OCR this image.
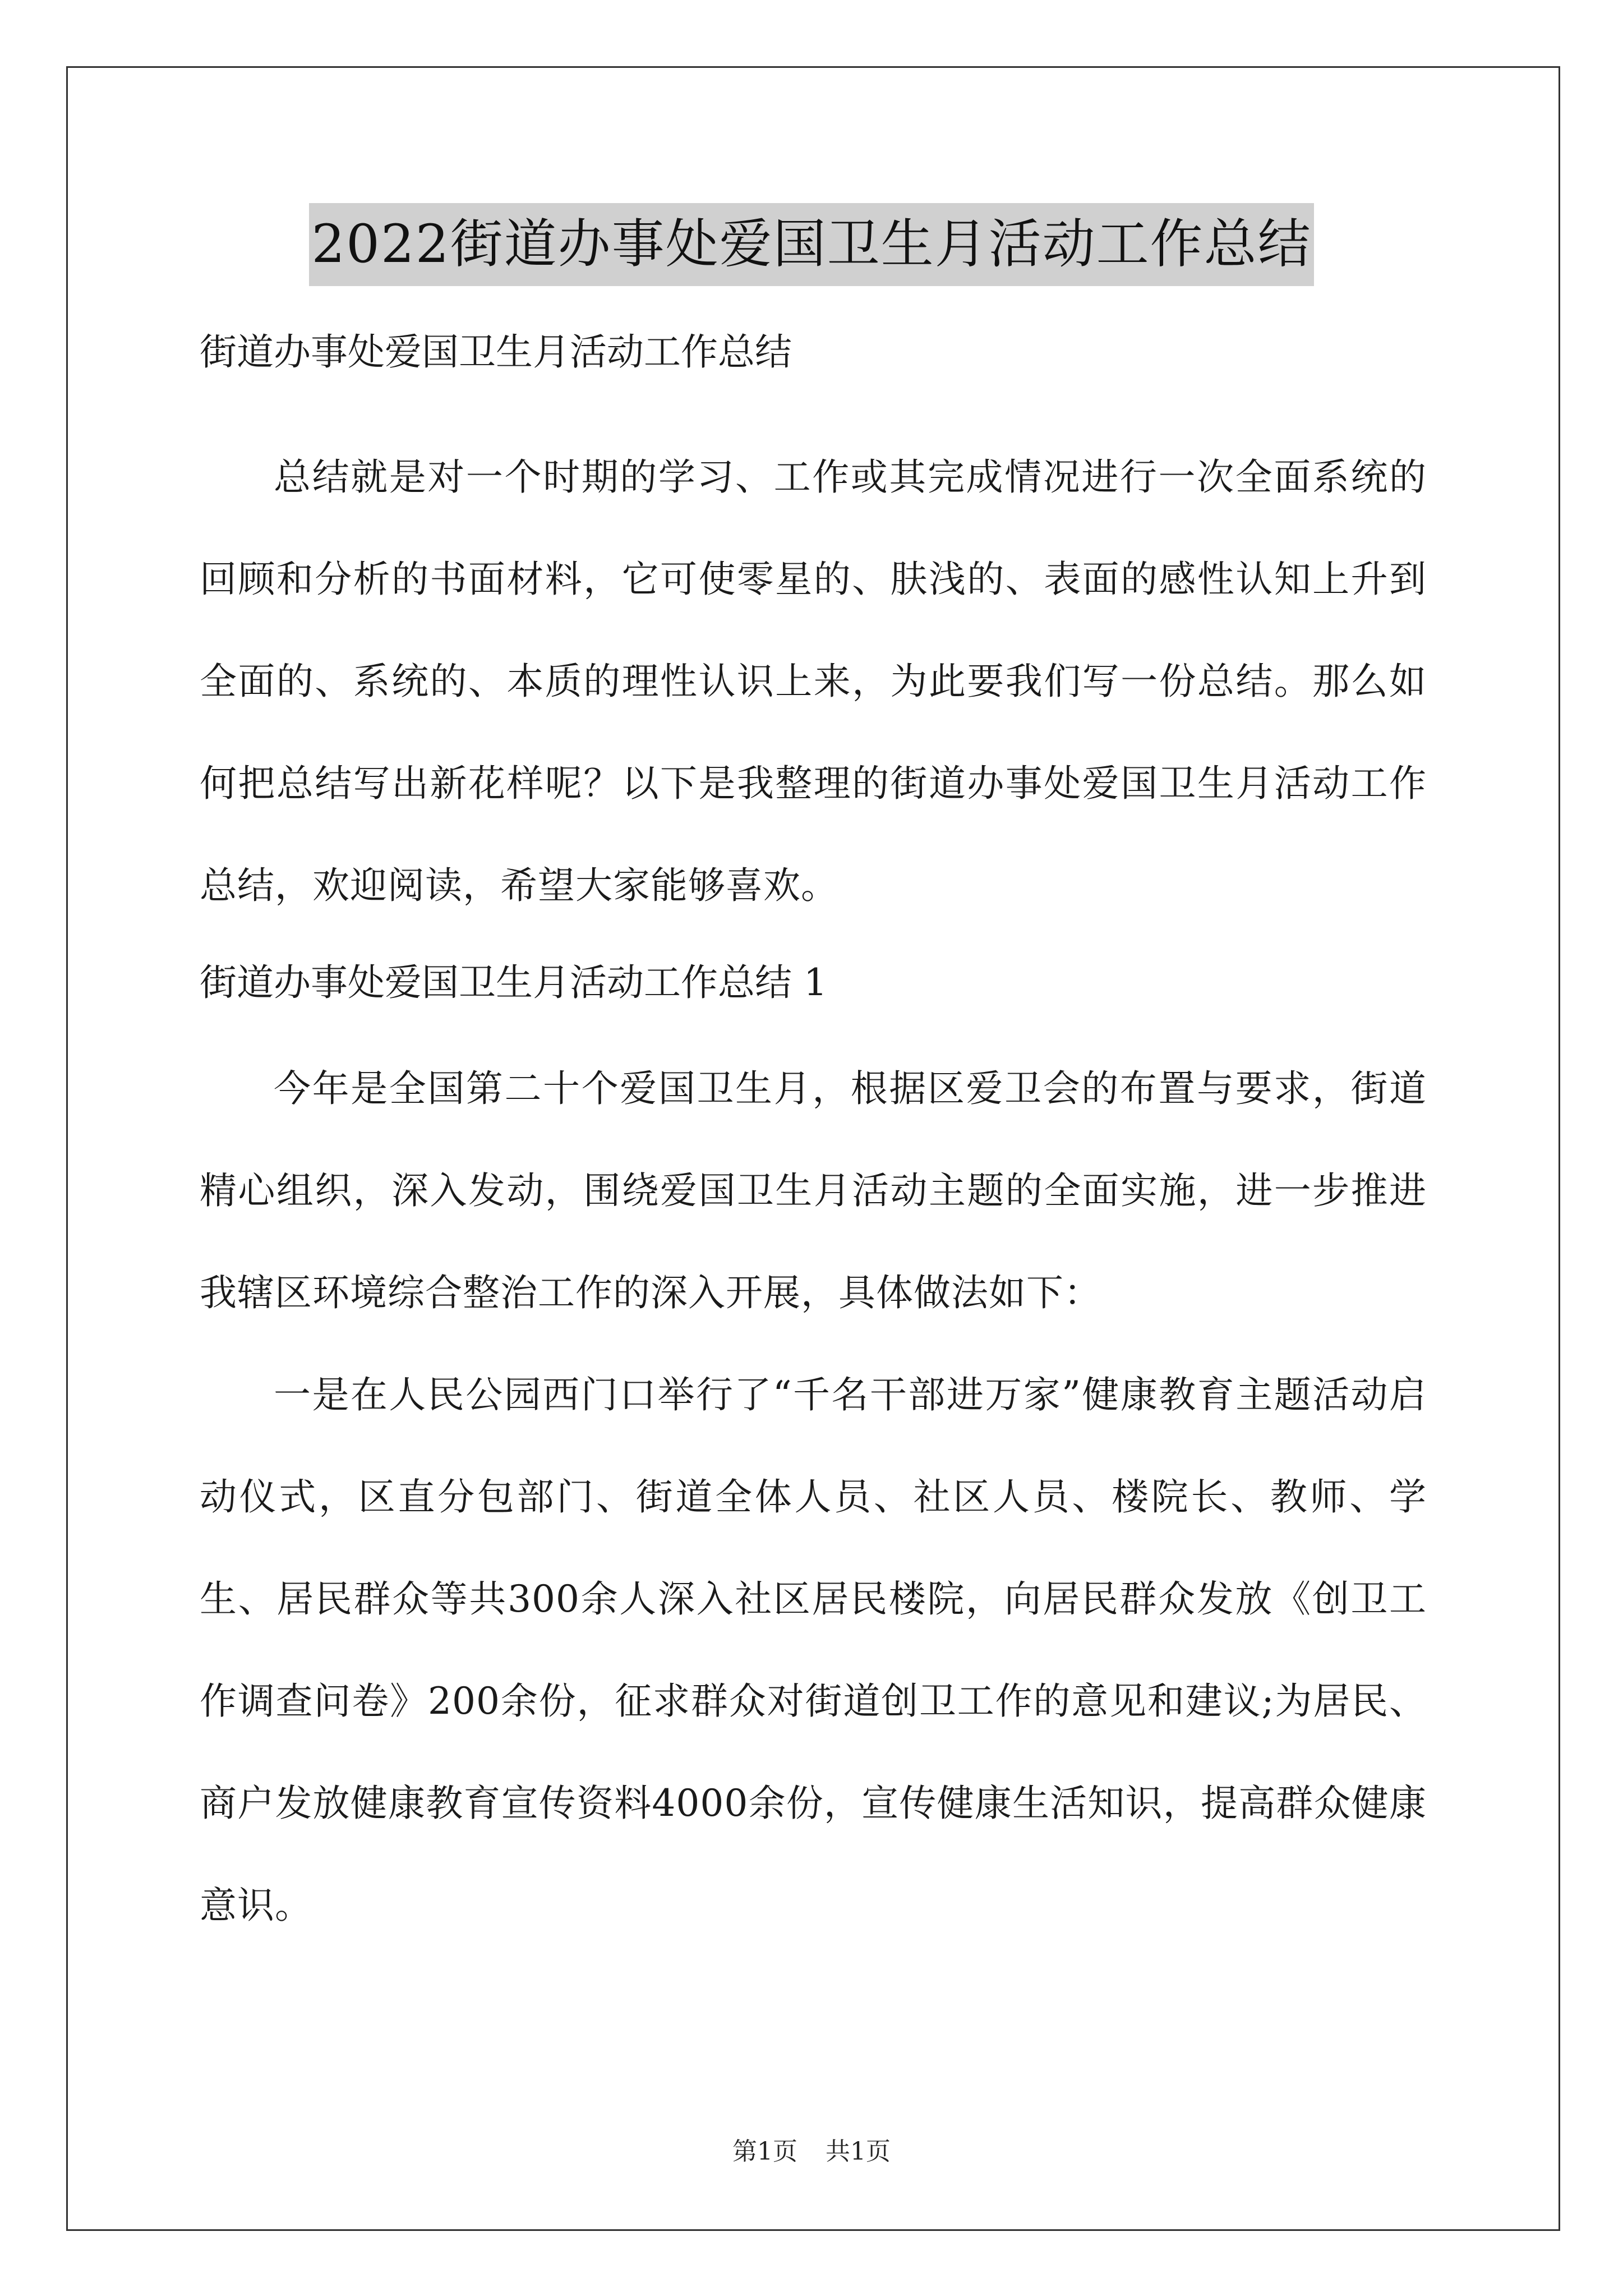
2022街道办事处爱国卫生月活动工作总结

街道办事处爱国卫生月活动工作总结

总结就是对一个时期的学习、工作或其完成情况进行一次全面系统的回顾和分析的书面材料，它可使零星的、肤浅的、表面的感性认知上升到全面的、系统的、本质的理性认识上来，为此要我们写一份总结。那么如何把总结写出新花样呢？以下是我整理的街道办事处爱国卫生月活动工作总结，欢迎阅读，希望大家能够喜欢。

街道办事处爱国卫生月活动工作总结 1

今年是全国第二十个爱国卫生月，根据区爱卫会的布置与要求，街道精心组织，深入发动，围绕爱国卫生月活动主题的全面实施，进一步推进我辖区环境综合整治工作的深入开展，具体做法如下：

一是在人民公园西门口举行了“千名干部进万家”健康教育主题活动启动仪式，区直分包部门、街道全体人员、社区人员、楼院长、教师、学生、居民群众等共300余人深入社区居民楼院，向居民群众发放《创卫工作调查问卷》200余份，征求群众对街道创卫工作的意见和建议;为居民、商户发放健康教育宣传资料4000余份，宣传健康生活知识，提高群众健康意识。

第1页 共1页
